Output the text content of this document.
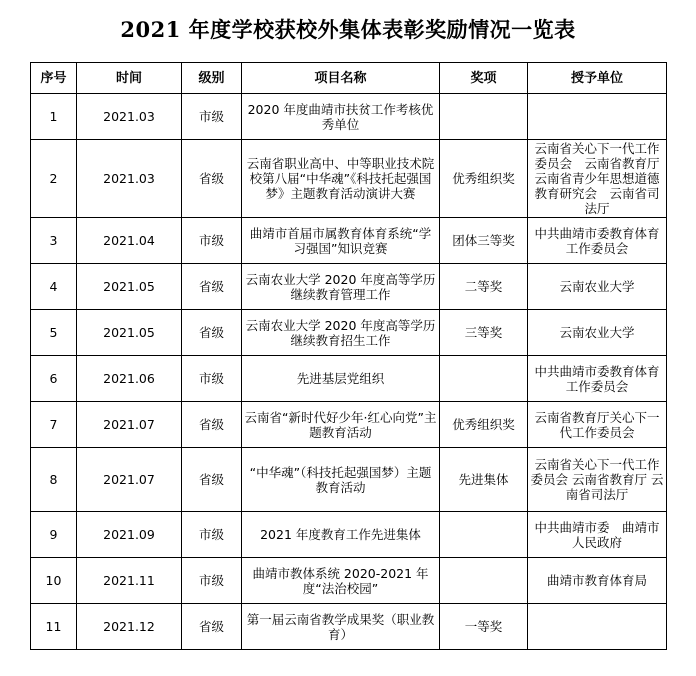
2021 年度学校获校外集体表彰奖励情况一览表
序号	时间	级别	项目名称	奖项	授予单位
1	2021.03	市级	2020 年度曲靖市扶贫工作考核优秀单位		
2	2021.03	省级	云南省职业高中、中等职业技术院校第八届“中华魂”《科技托起强国梦》主题教育活动演讲大赛	优秀组织奖	云南省关心下一代工作委员会　云南省教育厅　云南省青少年思想道德教育研究会　云南省司法厅
3	2021.04	市级	曲靖市首届市属教育体育系统“学习强国”知识竞赛	团体三等奖	中共曲靖市委教育体育工作委员会
4	2021.05	省级	云南农业大学 2020 年度高等学历继续教育管理工作	二等奖	云南农业大学
5	2021.05	省级	云南农业大学 2020 年度高等学历继续教育招生工作	三等奖	云南农业大学
6	2021.06	市级	先进基层党组织		中共曲靖市委教育体育工作委员会
7	2021.07	省级	云南省“新时代好少年·红心向党”主题教育活动	优秀组织奖	云南省教育厅关心下一代工作委员会
8	2021.07	省级	“中华魂”（科技托起强国梦）主题教育活动	先进集体	云南省关心下一代工作委员会 云南省教育厅 云南省司法厅
9	2021.09	市级	2021 年度教育工作先进集体		中共曲靖市委　曲靖市人民政府
10	2021.11	市级	曲靖市教体系统 2020-2021 年度“法治校园”		曲靖市教育体育局
11	2021.12	省级	第一届云南省教学成果奖（职业教育）	一等奖	
